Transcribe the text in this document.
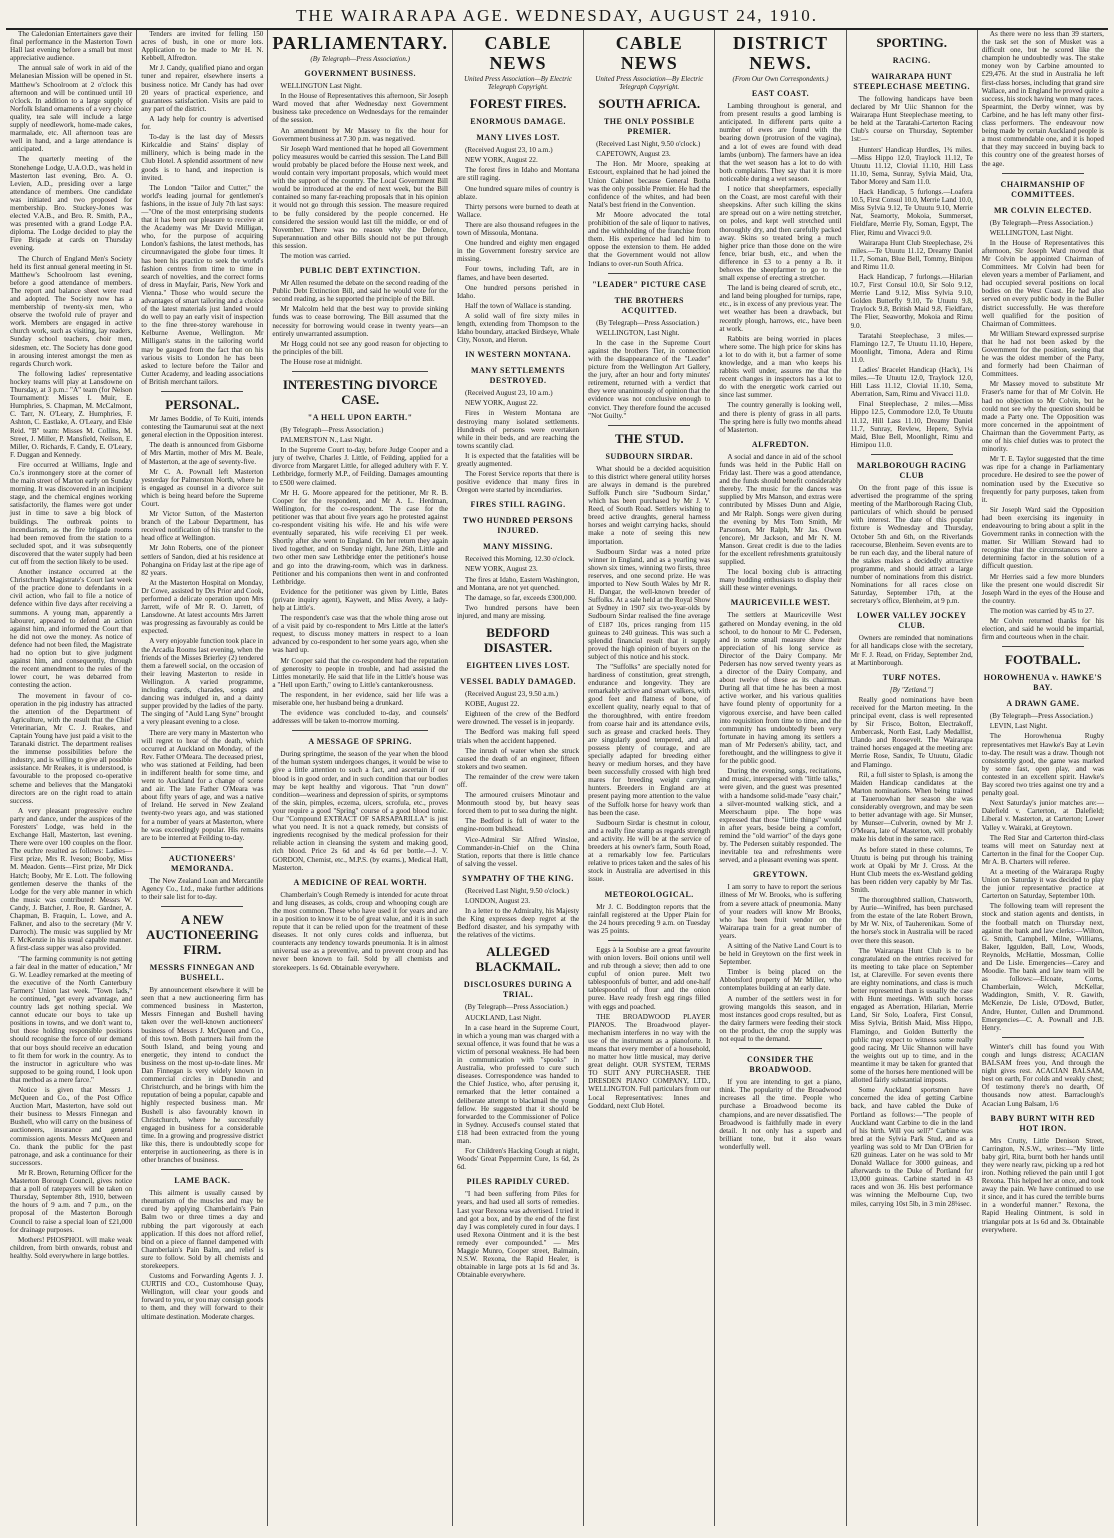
THE WAIRARAPA AGE. WEDNESDAY, AUGUST 24, 1910.

The Caledonian Entertainers gave their final performance in the Masterton Town Hall last evening before a small but most appreciative audience.

The annual sale of work in aid of the Melanesian Mission will be opened in St. Matthew's Schoolroom at 2 o'clock this afternoon and will be continued until 10 o'clock. In addition to a large supply of Norfolk Island ornaments of a very choice quality, tea sale will include a large supply of needlework, home-made cakes, marmalade, etc. All afternoon teas are well in hand, and a large attendance is anticipated.

The quarterly meeting of the Stonehenge Lodge, U.A.O.D., was held in Masterton last evening, Bro. A. O. Levien, A.D., presiding over a large attendance of members. One candidate was initiated and two proposed for membership. Bro. Stuckey-Jones was elected V.A.B., and Bro. R. Smith, P.A., was presented with a grand Lodge P.A. diploma. The Lodge decided to play the Fire Brigade at cards on Thursday evening.

The Church of England Men's Society held its first annual general meeting in St. Matthew's Schoolroom last evening, before a good attendance of members. The report and balance sheet were read and adopted. The Society now has a membership of twenty-six men, who observe the twofold rule of prayer and work. Members are engaged in active church work, such as visiting, lay readers, Sunday school teachers, choir men, sidesmen, etc. The Society has done good in arousing interest amongst the men as regards Church work.

The following ladies' representative hockey teams will play at Lansdowne on Thursday, at 3 p.m.: "A" team (for Nelson Tournament): Misses I. Muir, E. Humphries, S. Chapman, M. McCalmont, C. Tarr, N. O'Leary, Z. Humphries, F. Ashton, C. Eastlake, A. O'Leary, and Elsie Reid. "B" team: Misses M. Collins, M. Street, J. Miller, P. Mansfield, Neilson, E. Miller, O. Richards, F. Candy, E. O'Leary, F. Duggan and Kennedy.

Fire occurred at Williams, Ingle and Co.'s ironmongery store at the corner of the main street of Marton early on Sunday morning. It was discovered in an incipient stage, and the chemical engines working satisfactorily, the flames were got under just in time to save a big block of buildings. The outbreak points to incendiarism, as the fire brigade rooms had been removed from the station to a secluded spot, and it was subsequently discovered that the water supply had been cut off from the section likely to be used.

Another instance occurred at the Christchurch Magistrate's Court last week of the practice done to defendants in a civil action, who fail to file a notice of defence within five days after receiving a summons. A young man, apparently a labourer, appeared to defend an action against him, and informed the Court that he did not owe the money. As notice of defence had not been filed, the Magistrate had no option but to give judgment against him, and consequently, through the recent amendment to the rules of the lower court, he was debarred from contesting the action.

The movement in favour of co-operation in the pig industry has attracted the attention of the Department of Agriculture, with the result that the Chief Veterinarian, Mr C. J. Reakes, and Captain Young have just paid a visit to the Taranaki district. The department realises the immense possibilities before the industry, and is willing to give all possible assistance. Mr Reakes, it is understood, is favourable to the proposed co-operative scheme and believes that the Mangatoki directors are on the right road to attain success.

A very pleasant progressive euchre party and dance, under the auspices of the Foresters' Lodge, was held in the Exchange Hall, Masterton, last evening. There were over 100 couples on the floor. The euchre resulted as follows: Ladies—First prize, Mrs R. Iveson; Booby, Miss M. Meadon. Gents—First prize, Mr Dick Hatch; Booby, Mr E. Lott. The following gentlemen deserve the thanks of the Lodge for the very able manner in which the music was contributed: Messrs W. Candy, J. Batcher, J. Roe, R. Gardner, A. Chapman, B. Fraquin, L. Lowe, and A. Falkner, and also to the secretary (Mr V. Darroch). The music was supplied by Mr F. McKenzie in his usual capable manner. A first-class supper was also provided.

"The farming community is not getting a fair deal in the matter of education," Mr G. W. Leadley remarked at the meeting of the executive of the North Canterbury Farmers' Union last week. "Town lads," he continued, "get every advantage, and country lads get nothing special. We cannot educate our boys to take up positions in towns, and we don't want to, but those holding responsible positions should recognise the force of our demand that our boys should receive an education to fit them for work in the country. As to the instructor in agriculture who was supposed to be going round, I look upon that method as a mere farce."

Notice is given that Messrs J. McQueen and Co., of the Post Office Auction Mart, Masterton, have sold out their business to Messrs Finnegan and Bushell, who will carry on the business of auctioneers, insurance and general commission agents. Messrs McQueen and Co. thank the public for the past patronage, and ask a continuance for their successors.

Mr R. Brown, Returning Officer for the Masterton Borough Council, gives notice that a poll of ratepayers will be taken on Thursday, September 8th, 1910, between the hours of 9 a.m. and 7 p.m., on the proposal of the Masterton Borough Council to raise a special loan of £21,000 for drainage purposes.

Mothers! PHOSPHOL will make weak children, from birth onwards, robust and healthy. Sold everywhere in large bottles.

Tenders are invited for felling 150 acres of bush, in one or more lots. Application to be made to Mr H. N. Kebbell, Alfredton.

Mr J. Candy, qualified piano and organ tuner and repairer, elsewhere inserts a business notice. Mr Candy has had over 20 years of practical experience, and guarantees satisfaction. Visits are paid to any part of the district.

A lady help for country is advertised for.

To-day is the last day of Messrs Kirkcaldie and Stains' display of millinery, which is being made in the Club Hotel. A splendid assortment of new goods is to hand, and inspection is invited.

The London "Tailor and Cutter," the world's leading journal for gentlemen's fashions, in the issue of July 7th last says:—"One of the most enterprising students that it has been our pleasure to receive at the Academy was Mr David Milligan, who, for the purpose of acquiring London's fashions, the latest methods, has circumnavigated the globe four times. It has been his practice to seek the world's fashion centres from time to time in search of novelties, and the correct forms of dress in Mayfair, Paris, New York and Vienna." Those who would secure the advantages of smart tailoring and a choice of the latest materials just landed would do well to pay an early visit of inspection to the fine three-storey warehouse in Kelburne Avenue, Wellington. Mr Milligan's status in the tailoring world may be gauged from the fact that on his various visits to London he has been asked to lecture before the Tailor and Cutter Academy, and leading associations of British merchant tailors.

PERSONAL.

Mr James Boddie, of Te Kuiti, intends contesting the Taumarunui seat at the next general election in the Opposition interest.

The death is announced from Gisborne of Mrs Martin, mother of Mrs M. Beale, of Masterton, at the age of seventy-five.

Mr C. A. Pownall left Masterton yesterday for Palmerston North, where he is engaged as counsel in a divorce suit which is being heard before the Supreme Court.

Mr Victor Sutton, of the Masterton branch of the Labour Department, has received notification of his transfer to the head office at Wellington.

Mr John Roberts, one of the pioneer settlers of Sandon, died at his residence at Pohangina on Friday last at the ripe age of 82 years.

At the Masterton Hospital on Monday, Dr Cowe, assisted by Drs Prior and Cook, performed a delicate operation upon Mrs Jarrett, wife of Mr R. O. Jarrett, of Lansdowne. At latest accounts Mrs Jarrett was progressing as favourably as could be expected.

A very enjoyable function took place in the Arcadia Rooms last evening, when the friends of the Misses Brierley (2) tendered them a farewell social, on the occasion of their leaving Masterton to reside in Wellington. A varied programme, including cards, charades, songs and dancing was indulged in, and a dainty supper provided by the ladies of the party. The singing of "Auld Lang Syne" brought a very pleasant evening to a close.

There are very many in Masterton who will regret to hear of the death, which occurred at Auckland on Monday, of the Rev. Father O'Meara. The deceased priest, who was stationed at Feilding, had been in indifferent health for some time, and went to Auckland for a change of scene and air. The late Father O'Meara was about fifty years of age, and was a native of Ireland. He served in New Zealand twenty-two years ago, and was stationed for a number of years at Masterton, where he was exceedingly popular. His remains are to be interred at Feilding to-day.

AUCTIONEERS' MEMORANDA.

The New Zealand Loan and Mercantile Agency Co., Ltd., make further additions to their sale list for to-day.

A NEW AUCTIONEERING FIRM.
MESSRS FINNEGAN AND BUSHELL.

By announcement elsewhere it will be seen that a new auctioneering firm has commenced business in Masterton, Messrs Finnegan and Bushell having taken over the well-known auctioneers' business of Messrs J. McQueen and Co., of this town. Both partners hail from the South Island, and being young and energetic, they intend to conduct the business on the most up-to-date lines. Mr Dan Finnegan is very widely known in commercial circles in Dunedin and Christchurch, and he brings with him the reputation of being a popular, capable and highly respected business man. Mr Bushell is also favourably known in Christchurch, where he successfully engaged in business for a considerable time. In a growing and progressive district like this, there is undoubtedly scope for enterprise in auctioneering, as there is in other branches of business.

LAME BACK.

This ailment is usually caused by rheumatism of the muscles and may be cured by applying Chamberlain's Pain Balm two or three times a day and rubbing the part vigorously at each application. If this does not afford relief, bind on a piece of flannel dampened with Chamberlain's Pain Balm, and relief is sure to follow. Sold by all chemists and storekeepers.

Customs and Forwarding Agents J. J. CURTIS and CO., Customhouse Quay, Wellington, will clear your goods and forward to you, or you may consign goods to them, and they will forward to their ultimate destination. Moderate charges.

PARLIAMENTARY.
(By Telegraph—Press Association.)
GOVERNMENT BUSINESS.

WELLINGTON Last Night.

In the House of Representatives this afternoon, Sir Joseph Ward moved that after Wednesday next Government business take precedence on Wednesdays for the remainder of the session.

An amendment by Mr Massey to fix the hour for Government business at 7.30 p.m. was negatived.

Sir Joseph Ward mentioned that he hoped all Government policy measures would be carried this session. The Land Bill would probably be placed before the House next week, and would contain very important proposals, which would meet with the support of the country. The Local Government Bill would be introduced at the end of next week, but the Bill contained so many far-reaching proposals that in his opinion it would not go through this session. The measure required to be fully considered by the people concerned. He considered the session would last till the middle, or end of November. There was no reason why the Defence, Superannuation and other Bills should not be put through this session.

The motion was carried.

PUBLIC DEBT EXTINCTION.

Mr Allen resumed the debate on the second reading of the Public Debt Extinction Bill, and said he would vote for the second reading, as he supported the principle of the Bill.

Mr Malcolm held that the best way to provide sinking funds was to cease borrowing. The Bill assumed that the necessity for borrowing would cease in twenty years—an entirely unwarranted assumption.

Mr Hogg could not see any good reason for objecting to the principles of the bill.

The House rose at midnight.

INTERESTING DIVORCE CASE.
"A HELL UPON EARTH."

(By Telegraph—Press Association.)

PALMERSTON N., Last Night.

In the Supreme Court to-day, before Judge Cooper and a jury of twelve, Charles J. Little, of Feilding, applied for a divorce from Margaret Little, for alleged adultery with F. Y. Lethbridge, formerly M.P., of Feilding. Damages amounting to £500 were claimed.

Mr H. G. Moore appeared for the petitioner, Mr R. B. Cooper for the respondent, and Mr A. L. Herdman, Wellington, for the co-respondent. The case for the petitioner was that about five years ago he protested against co-respondent visiting his wife. He and his wife were eventually separated, his wife receiving £1 per week. Shortly after she went to England. On her return they again lived together, and on Sunday night, June 26th, Little and two other men saw Lethbridge enter the petitioner's house and go into the drawing-room, which was in darkness. Petitioner and his companions then went in and confronted Lethbridge.

Evidence for the petitioner was given by Little, Bates (private inquiry agent), Kaywett, and Miss Avery, a lady-help at Little's.

The respondent's case was that the whole thing arose out of a visit paid by co-respondent to Mrs Little at the latter's request, to discuss money matters in respect to a loan advanced by co-respondent to her some years ago, when she was hard up.

Mr Cooper said that the co-respondent had the reputation of generosity to people in trouble, and had assisted the Littles monetarily. He said that life in the Little's house was a "Hell upon Earth," owing to Little's cantankerousness.

The respondent, in her evidence, said her life was a miserable one, her husband being a drunkard.

The evidence was concluded to-day, and counsels' addresses will be taken to-morrow morning.

A MESSAGE OF SPRING.

During springtime, the season of the year when the blood of the human system undergoes changes, it would be wise to give a little attention to such a fact, and ascertain if our blood is in good order, and in such condition that our bodies may be kept healthy and vigorous. That "run down" condition—weariness and depression of spirits, or symptoms of the skin, pimples, eczema, ulcers, scrofula, etc., proves your require a good "Spring" course of a good blood tonic. Our "Compound EXTRACT OF SARSAPARILLA" is just what you need. It is not a quack remedy, but consists of ingredients recognised by the medical profession for their reliable action in cleansing the system and making good, rich blood. Price 2s 6d and 4s 6d per bottle.—J. V. GORDON, Chemist, etc., M.P.S. (by exams.), Medical Hall, Masterton.

A MEDICINE OF REAL WORTH.

Chamberlain's Cough Remedy is intended for acute throat and lung diseases, as colds, croup and whooping cough are the most common. These who have used it for years and are in a position to know it to be of great value, and it is in such repute that it can be relied upon for the treatment of these diseases. It not only cures colds and influenza, but counteracts any tendency towards pneumonia. It is in almost universal use as a preventive, and to prevent croup and has never been known to fail. Sold by all chemists and storekeepers. 1s 6d. Obtainable everywhere.

CABLE NEWS
United Press Association—By Electric Telegraph Copyright.
FOREST FIRES.
ENORMOUS DAMAGE.
MANY LIVES LOST.

(Received August 23, 10 a.m.)

NEW YORK, August 22.

The forest fires in Idaho and Montana are still raging.

One hundred square miles of country is ablaze.

Thirty persons were burned to death at Wallace.

There are also thousand refugees in the town of Missoula, Montana.

One hundred and eighty men engaged in the Government forestry service are missing.

Four towns, including Taft, are in flames, and have been deserted.

One hundred persons perished in Idaho.

Half the town of Wallace is standing.

A solid wall of fire sixty miles in length, extending from Thompson to the Idaho boundary, attacked Birdseye, Whale City, Noxon, and Heron.

IN WESTERN MONTANA.
MANY SETTLEMENTS DESTROYED.

(Received August 23, 10 a.m.)

NEW YORK, August 22.

Fires in Western Montana are destroying many isolated settlements. Hundreds of persons were overtaken while in their beds, and are reaching the towns scantily clad.

It is expected that the fatalities will be greatly augmented.

The Forest Service reports that there is positive evidence that many fires in Oregon were started by incendiaries.

FIRES STILL RAGING.
TWO HUNDRED PERSONS INJURED.
MANY MISSING.

Received this Morning, 12.30 o'clock.

NEW YORK, August 23.

The fires at Idaho, Eastern Washington, and Montana, are not yet quenched.

The damage, so far, exceeds £300,000.

Two hundred persons have been injured, and many are missing.

BEDFORD DISASTER.
EIGHTEEN LIVES LOST.
VESSEL BADLY DAMAGED.

(Received August 23, 9.50 a.m.)

KOBE, August 22.

Eighteen of the crew of the Bedford were drowned. The vessel is in jeopardy.

The Bedford was making full speed trials when the accident happened.

The inrush of water when she struck caused the death of an engineer, fifteen stokers and two seamen.

The remainder of the crew were taken off.

The armoured cruisers Minotaur and Monmouth stood by, but heavy seas forced them to put to sea during the night.

The Bedford is full of water to the engine-room bulkhead.

Vice-Admiral Sir Alfred Winsloe, Commander-in-Chief on the China Station, reports that there is little chance of salving the vessel.

SYMPATHY OF THE KING.

(Received Last Night, 9.50 o'clock.)

LONDON, August 23.

In a letter to the Admiralty, his Majesty the King expresses deep regret at the Bedford disaster, and his sympathy with the relatives of the victims.

ALLEGED BLACKMAIL.
DISCLOSURES DURING A TRIAL.

(By Telegraph—Press Association.)

AUCKLAND, Last Night.

In a case heard in the Supreme Court, in which a young man was charged with a sexual offence, it was found that he was a victim of personal weakness. He had been in communication with "spooks" in Australia, who professed to cure such diseases. Correspondence was handed to the Chief Justice, who, after perusing it, remarked that the letter contained a deliberate attempt to blackmail the young fellow. He suggested that it should be forwarded to the Commissioner of Police in Sydney. Accused's counsel stated that £18 had been extracted from the young man.

For Children's Hacking Cough at night, Woods' Great Peppermint Cure, 1s 6d, 2s 6d.

PILES RAPIDLY CURED.

"I had been suffering from Piles for years, and had used all sorts of remedies. Last year Rexona was advertised. I tried it and got a box, and by the end of the first day I was completely cured in four days. I used Rexona Ointment and it is the best remedy ever compounded." — Mrs Maggie Munro, Cooper street, Balmain, N.S.W. Rexona, the Rapid Healer, is obtainable in large pots at 1s 6d and 3s. Obtainable everywhere.

CABLE NEWS
United Press Association—By Electric Telegraph Copyright.
SOUTH AFRICA.
THE ONLY POSSIBLE PREMIER.

(Received Last Night, 9.50 o'clock.)

CAPETOWN, August 23.

The Hon. Mr Moore, speaking at Estcourt, explained that he had joined the Union Cabinet because General Botha was the only possible Premier. He had the confidence of the whites, and had been Natal's best friend in the Convention.

Mr Moore advocated the total prohibition of the sale of liquor to natives, and the withholding of the franchise from them. His experience had led him to oppose the extension to them. He added that the Government would not allow Indians to over-run South Africa.

"LEADER" PICTURE CASE
THE BROTHERS ACQUITTED.

(By Telegraph—Press Association.)

WELLINGTON, Last Night.

In the case in the Supreme Court against the brothers Tier, in connection with the disappearance of the "Leader" picture from the Wellington Art Gallery, the jury, after an hour and forty minutes' retirement, returned with a verdict that they were unanimously of opinion that the evidence was not conclusive enough to convict. They therefore found the accused "Not Guilty."

THE STUD.
SUDBOURN SIRDAR.

What should be a decided acquisition to this district where general utility horses are always in demand is the purebred Suffolk Punch sire "Sudbourn Sirdar," which has been purchased by Mr J. V. Reed, of South Road. Settlers wishing to breed active draughts, general harness horses and weight carrying hacks, should make a note of seeing this new importation.

Sudbourn Sirdar was a noted prize winner in England, and as a yearling was shown six times, winning two firsts, three reserves, and one second prize. He was imported to New South Wales by Mr R. H. Dangar, the well-known breeder of Suffolks. At a sale held at the Royal Show at Sydney in 1907 six two-year-olds by Sudbourn Sirdar realised the fine average of £187 10s, prices ranging from 115 guineas to 240 guineas. This was such a splendid financial result that it supply proved the high opinion of buyers on the subject of this notice and his stock.

The "Suffolks" are specially noted for hardiness of constitution, great strength, endurance and longevity. They are remarkably active and smart walkers, with good feet and flatness of bone, of excellent quality, nearly equal to that of the thoroughbred, with entire freedom from coarse hair and its attendance evils, such as grease and cracked heels. They are singularly good tempered, and all possess plenty of courage, and are specially adapted for breeding either heavy or medium horses, and they have been successfully crossed with high bred mares for breeding weight carrying hunters. Breeders in England are at present paying more attention to the value of the Suffolk horse for heavy work than has been the case.

Sudbourn Sirdar is chestnut in colour, and a really fine stamp as regards strength and activity. He will be at the service of breeders at his owner's farm, South Road, at a remarkably low fee. Particulars relative to prices taken and the sales of his stock in Australia are advertised in this issue.

METEOROLOGICAL.

Mr J. C. Boddington reports that the rainfall registered at the Upper Plain for the 24 hours preceding 9 a.m. on Tuesday was 25 points.

Eggs à la Soubise are a great favourite with onion lovers. Boil onions until well and rub through a sieve; then add to one cupful of onion puree. Melt two tablespoonfuls of butter, and add one-half tablespoonful of flour and the onion puree. Have ready fresh egg rings filled with eggs and poached.

THE BROADWOOD PLAYER PIANOS. The Broadwood player-mechanism interferes in no way with the use of the instrument as a pianoforte. It means that every member of a household, no matter how little musical, may derive great delight. OUR SYSTEM, TERMS TO SUIT ANY PURCHASER. THE DRESDEN PIANO COMPANY, LTD., WELLINGTON. Full particulars from our Local Representatives: Innes and Goddard, next Club Hotel.

DISTRICT NEWS.
(From Our Own Correspondents.)
EAST COAST.

Lambing throughout is general, and from present results a good lambing is anticipated. In different parts quite a number of ewes are found with the bearing down (protrusion of the vagina), and a lot of ewes are found with dead lambs (unborn). The farmers have an idea that the wet season has a lot to do with both complaints. They say that it is more noticeable during a wet season.

I notice that sheepfarmers, especially on the Coast, are most careful with their sheepskins. After such killing the skins are spread out on a wire netting stretcher, on poles, and kept well stretched until thoroughly dry, and then carefully packed away. Skins so treated bring a much higher price than those done on the wire fence, briar bush, etc., and when the difference in £3 to a penny a lb. it behoves the sheepfarmer to go to the small expense of erecting a stretcher.

The land is being cleared of scrub, etc., and land being ploughed for turnips, rape, etc., is in excess of any previous year. The wet weather has been a drawback, but recently plough, harrows, etc., have been at work.

Rabbits are being worried in places where some. The high price for skins has a lot to do with it, but a farmer of some knowledge, and a man who keeps his rabbits well under, assures me that the recent changes in inspectors has a lot to do with the energetic work carried out since last summer.

The country generally is looking well, and there is plenty of grass in all parts. The spring here is fully two months ahead of Masterton.

ALFREDTON.

A social and dance in aid of the school funds was held in the Public Hall on Friday last. There was a good attendance, and the funds should benefit considerably thereby. The music for the dances was supplied by Mrs Manson, and extras were contributed by Misses Dunn and Algie, and Mr Ralph. Songs were given during the evening by Mrs Tom Smith, Mr Parsonson, Mr Ralph, Mr Jas. Owen (encore), Mr Jackson, and Mr N. M. Manson. Great credit is due to the ladies for the excellent refreshments gratuitously supplied.

The local boxing club is attracting many budding enthusiasts to display their skill these winter evenings.

MAURICEVILLE WEST.

The settlers at Mauriceville West gathered on Monday evening, in the old school, to do honour to Mr C. Pedersen, and in some small measure show their appreciation of his long service as Director of the Dairy Company. Mr Pedersen has now served twenty years as a director of the Dairy Company, and about twelve of these as its chairman. During all that time he has been a most active worker, and his various qualities have found plenty of opportunity for a vigorous exercise, and have been called into requisition from time to time, and the community has undoubtedly been very fortunate in having among its settlers a man of Mr Pedersen's ability, tact, and forethought, and the willingness to give it for the public good.

During the evening, songs, recitations, and music, interspersed with "little talks," were given, and the guest was presented with a handsome solid-made "easy chair," a silver-mounted walking stick, and a Meerschaum pipe. The hope was expressed that those "little things" would in after years, beside being a comfort, remind the "old warrior" of the days gone by. The Pedersen suitably responded. The inevitable tea and refreshments were served, and a pleasant evening was spent.

GREYTOWN.

I am sorry to have to report the serious illness of Mr W. Brooks, who is suffering from a severe attack of pneumonia. Many of your readers will know Mr Brooks, who has been fruit vendor on the Wairarapa train for a great number of years.

A sitting of the Native Land Court is to be held in Greytown on the first week in September.

Timber is being placed on the Abbotsford property of Mr Miller, who contemplates building at an early date.

A number of the settlers west in for growing mangolds this season, and in most instances good crops resulted, but as the dairy farmers were feeding their stock on the product, the crop the supply was not equal to the demand.

CONSIDER THE BROADWOOD.

If you are intending to get a piano, think. The popularity of the Broadwood increases all the time. People who purchase a Broadwood become its champions, and are never dissatisfied. The Broadwood is faithfully made in every detail. It not only has a superb and brilliant tone, but it also wears wonderfully well.

SPORTING.
RACING.
WAIRARAPA HUNT STEEPLECHASE MEETING.

The following handicaps have been declared by Mr Uiic Shannon for the Wairarapa Hunt Steeplechase meeting, to be held at the Taratahi-Carterton Racing Club's course on Thursday, September 1st:—

Hunters' Handicap Hurdles, 1¾ miles.—Miss Hippo 12.0, Traylock 11.12, Te Utuutu 11.12, Clovial 11.10, Hill Lass 11.10, Sema, Sunray, Sylvia Maid, Uta, Tabor Morey and Sam 11.0.

Hack Handicap, 5 furlongs.—Loafera 10.5, First Consul 10.0, Merrie Land 10.0, Miss Sylvia 9.12, Te Utuutu 9.10, Merrie Nat, Seamorty, Mokoia, Summerset, Fieldfare, Merrie Fly, Soman, Egypt, The Flier, Rimu and Vivacci 9.0.

Wairarapa Hunt Club Steeplechase, 2¼ miles.—Te Utuutu 11.12, Dreamy Daniel 11.7, Soman, Blue Bell, Tommy, Binipou and Rimu 11.0.

Hack Handicap, 7 furlongs.—Hilarian 10.7, First Consul 10.0, Sir Solo 9.12, Merrie Land 9.12, Miss Sylvia 9.10, Golden Butterfly 9.10, Te Utuutu 9.8, Traylock 9.8, British Maid 9.8, Fieldfare, The Flier, Seaworthy, Mokoia and Rimu 9.0.

Taratahi Steeplechase, 3 miles.—Flamingo 12.7, Te Utuutu 11.10, Hepere, Moonlight, Timona, Adera and Rimu 11.0.

Ladies' Bracelet Handicap (Hack), 1¼ miles.—Te Utuutu 12.0, Traylock 12.0, Hill Lass 11.12, Clovial 11.10, Sema, Aberration, Sam, Rimu and Vivacci 11.0.

Final Steeplechase, 2 miles.—Miss Hippo 12.5, Commodore 12.0, Te Utuutu 11.12, Hill Lass 11.10, Dreamy Daniel 11.7, Sunray, Revlew, Hepere, Sylvia Maid, Blue Bell, Moonlight, Rimu and Himipou 11.0.

MARLBOROUGH RACING CLUB

On the front page of this issue is advertised the programme of the spring meeting of the Marlborough Racing Club, particulars of which should be perused with interest. The date of this popular fixture is Wednesday and Thursday, October 5th and 6th, on the Riverlands racecourse, Blenheim. Seven events are to be run each day, and the liberal nature of the stakes makes a decidedly attractive programme, and should attract a large number of nominations from this district. Nominations for all races close on Saturday, September 17th, at the secretary's office, Blenheim, at 9 p.m.

LOWER VALLEY JOCKEY CLUB.

Owners are reminded that nominations for all handicaps close with the secretary, Mr F. J. Read, on Friday, September 2nd, at Martinborough.

TURF NOTES.
[By "Zetland."]

Really good nominations have been received for the Marton meeting. In the principal event, class is well represented by Sir Frisco, Bolton, Electrakoff, Ambercask, North East, Lady Medallist, Ulando and Roosevelt. The Wairarapa trained horses engaged at the meeting are: Merrie Rose, Sandix, Te Utuutu, Gladic and Flamingo.

Ril, a full sister to Splash, is among the Maiden Handicap candidates at the Marton nominations. When being trained at Taueruowhan her season she was considerably overgrown, and may be seen to better advantage with age. Sir Munser, by Munser—Culverin, owned by Mr J. O'Meara, late of Masterton, will probably make his debut in the same race.

As before stated in these columns, Te Utuutu is being put through his training work at Opaki by Mr J. Cross. At the Hunt Club meets the ex-Westland gelding has been ridden very capably by Mr Tas. Smith.

The thoroughbred stallion, Chatsworth, by Aurie—Winifred, has been purchased from the estate of the late Robert Brown, by Mr W. Nix, of Tauherenikau. Some of the horse's stock in Australia will be raced over there this season.

The Wairarapa Hunt Club is to be congratulated on the entries received for its meeting to take place on September 1st, at Clareville. For seven events there are eighty nominations, and class is much better represented than is usually the case with Hunt meetings. With such horses engaged as Aberration, Hilarian, Merrie Land, Sir Solo, Loafera, First Consul, Miss Sylvia, British Maid, Miss Hippo, Flamingo, and Golden Butterfly the public may expect to witness some really good racing. Mr Uiic Shannon will have the weights out up to time, and in the meantime it may be taken for granted that some of the horses here mentioned will be allotted fairly substantial imposts.

Some Auckland sportsmen have concerned the idea of getting Carbine back, and have cabled the Duke of Portland as follows:—"The people of Auckland want Carbine to die in the land of his birth. Will you sell?" Carbine was bred at the Sylvia Park Stud, and as a yearling was sold to Mr Dan O'Brien for 620 guineas. Later on he was sold to Mr Donald Wallace for 3000 guineas, and afterwards to the Duke of Portland for 13,000 guineas. Carbine started in 43 races and won 36. His best performance was winning the Melbourne Cup, two miles, carrying 10st 5lb, in 3 min 28¼sec.

As there were no less than 39 starters, the task set the son of Musket was a difficult one, but he scored like the champion he undoubtedly was. The stake money won by Carbine amounted to £29,476. At the stud in Australia he left first-class horses, including that grand sire Wallace, and in England he proved quite a success, his stock having won many races. Spearmint, the Derby winner, was by Carbine, and he has left many other first-class performers. The endeavour now being made by certain Auckland people is a most commendable one, and it is hoped that they may succeed in buying back to this country one of the greatest horses of the age.

CHAIRMANSHIP OF COMMITTEES.
MR COLVIN ELECTED.

(By Telegraph—Press Association.)

WELLINGTON, Last Night.

In the House of Representatives this afternoon, Sir Joseph Ward moved that Mr Colvin be appointed Chairman of Committees. Mr Colvin had been for eleven years a member of Parliament, and had occupied several positions on local bodies on the West Coast. He had also served on every public body in the Buller district successfully. He was therefore well qualified for the position of Chairman of Committees.

Mr William Steward expressed surprise that he had not been asked by the Government for the position, seeing that he was the oldest member of the Party, and formerly had been Chairman of Committees.

Mr Massey moved to substitute Mr Fraser's name for that of Mr Colvin. He had no objection to Mr Colvin, but he could not see why the question should be made a Party one. The Opposition was more concerned in the appointment of Chairman than the Government Party, as one of his chief duties was to protect the minority.

Mr T. E. Taylor suggested that the time was ripe for a change in Parliamentary procedure. He desired to see the power of nomination used by the Executive so frequently for party purposes, taken from it.

Sir Joseph Ward said the Opposition had been exercising its ingenuity in endeavouring to bring about a split in the Government ranks in connection with the matter. Sir William Steward had to recognise that the circumstances were a determining factor in the solution of a difficult question.

Mr Herries said a few more blunders like the present one would discredit Sir Joseph Ward in the eyes of the House and the country.

The motion was carried by 45 to 27.

Mr Colvin returned thanks for his election, and said he would be impartial, firm and courteous when in the chair.

FOOTBALL.
HOROWHENUA v. HAWKE'S BAY.
A DRAWN GAME.

(By Telegraph—Press Association.)

LEVIN, Last Night.

The Horowhenua Rugby representatives met Hawke's Bay at Levin to-day. The result was a draw. Though not consistently good, the game was marked by some fast, open play, and was contested in an excellent spirit. Hawke's Bay scored two tries against one try and a penalty goal.

Next Saturday's junior matches are:—Dalefield v. Carterton, at Dalefield; Liberal v. Masterton, at Carterton; Lower Valley v. Wairaki, at Greytown.

The Red Star and Carterton third-class teams will meet on Saturday next at Carterton in the final for the Cooper Cup. Mr A. B. Charters will referee.

At a meeting of the Wairarapa Rugby Union on Saturday it was decided to play the junior representative practice at Carterton on Saturday, September 10th.

The following team will represent the stock and station agents and dentists, in the football match on Thursday next, against the bank and law clerks:—Wilton, G. Smith, Campbell, Milne, Williams, Baker, Iggulden, Ball, Low, Woods, Reynolds, McHattie, Mossman, Collie and De Lisle. Emergencies—Carey and Moodie. The bank and law team will be as follows:—Elcoate, Corns, Chamberlain, Welch, McKellar, Waddington, Smith, V. R. Gawith, McKenzie, De Lisle, O'Dowd, Butler, Andre, Hunter, Cullen and Drummond. Emergencies—C. A. Pownall and J.B. Henry.

Winter's chill has found you With cough and lungs distress; ACACIAN BALSAM frees you, And through the night gives rest. ACACIAN BALSAM, best on earth, For colds and weakly chest; Of testimony there's no dearth, Of thousands now attest. Barraclough's Acacian Lung Balsam, 1/6

BABY BURNT WITH RED HOT IRON.

Mrs Crutty, Little Denison Street, Carrington, N.S.W., writes:—"My little baby girl, Rita, burnt both her hands until they were nearly raw, picking up a red hot iron. Nothing relieved the pain until I got Rexona. This helped her at once, and took away the pain. We have continued to use it since, and it has cured the terrible burns in a wonderful manner." Rexona, the Rapid Healing Ointment, is sold in triangular pots at 1s 6d and 3s. Obtainable everywhere.
